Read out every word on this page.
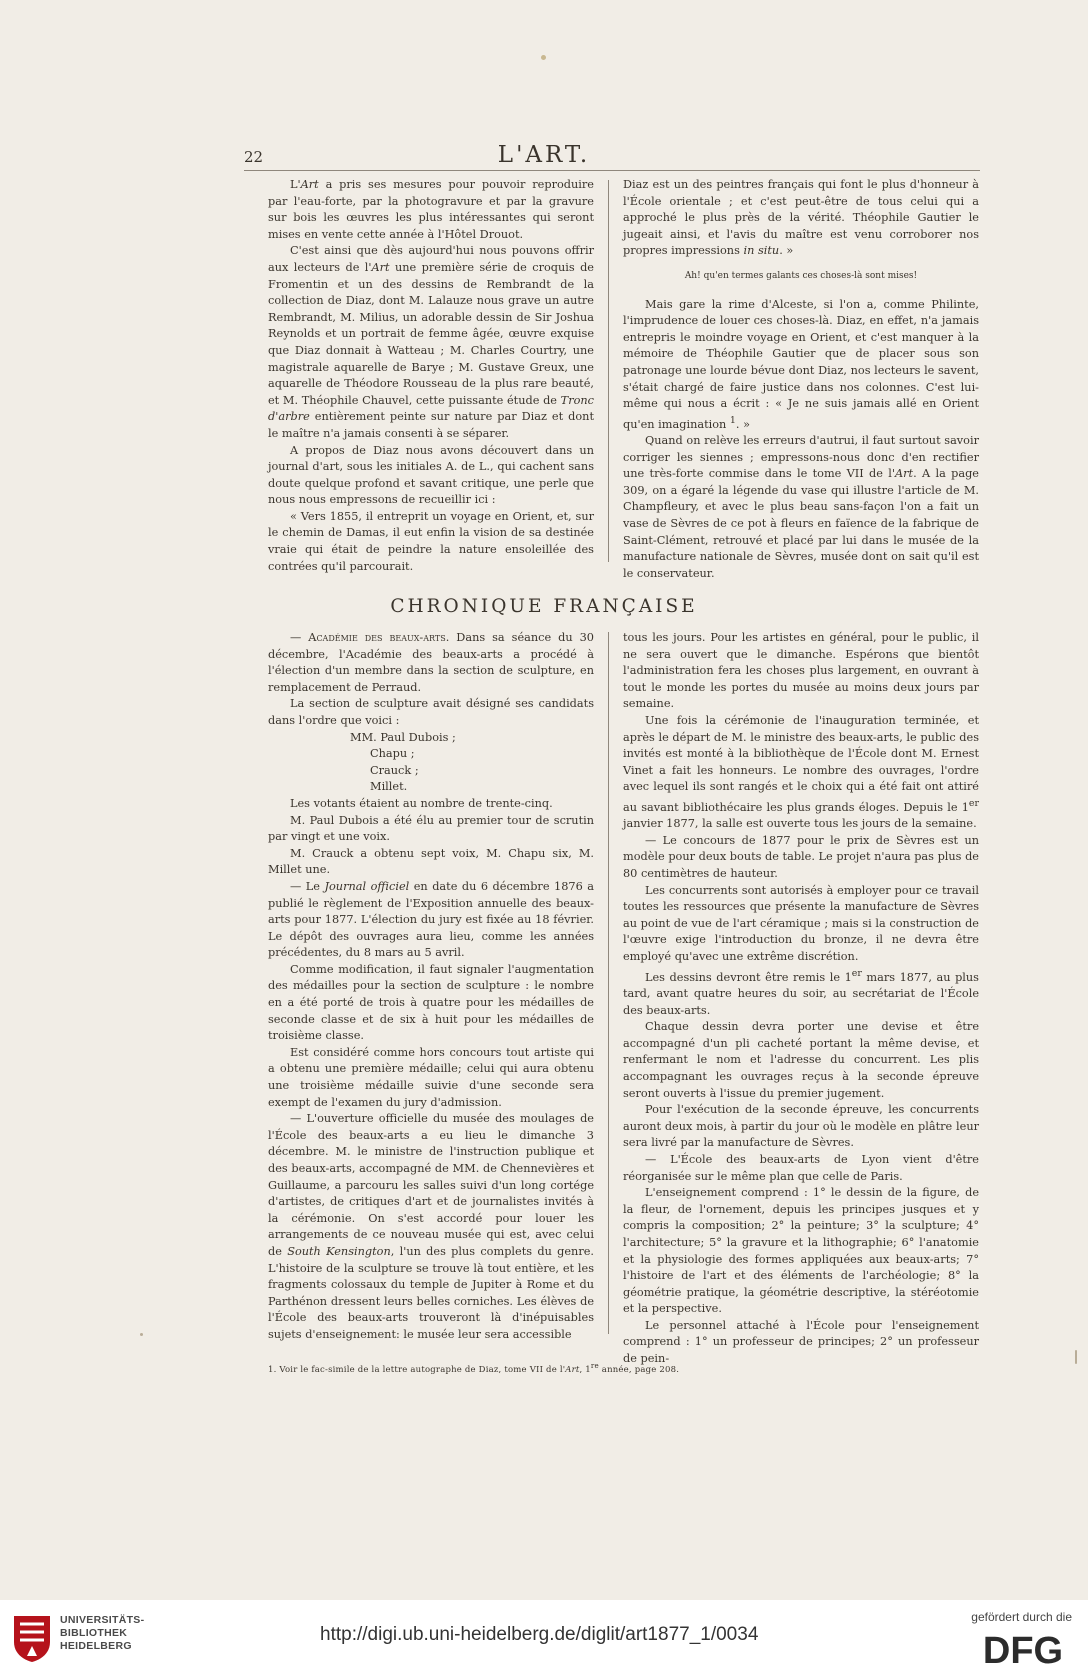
22	L'ART.

L'Art a pris ses mesures pour pouvoir reproduire par l'eau-forte, par la photogravure et par la gravure sur bois les œuvres les plus intéressantes qui seront mises en vente cette année à l'Hôtel Drouot.

C'est ainsi que dès aujourd'hui nous pouvons offrir aux lecteurs de l'Art une première série de croquis de Fromentin et un des dessins de Rembrandt de la collection de Diaz, dont M. Lalauze nous grave un autre Rembrandt, M. Milius, un adorable dessin de Sir Joshua Reynolds et un portrait de femme âgée, œuvre exquise que Diaz donnait à Watteau ; M. Charles Courtry, une magistrale aquarelle de Barye ; M. Gustave Greux, une aquarelle de Théodore Rousseau de la plus rare beauté, et M. Théophile Chauvel, cette puissante étude de Tronc d'arbre entièrement peinte sur nature par Diaz et dont le maître n'a jamais consenti à se séparer.

A propos de Diaz nous avons découvert dans un journal d'art, sous les initiales A. de L., qui cachent sans doute quelque profond et savant critique, une perle que nous nous empressons de recueillir ici :

« Vers 1855, il entreprit un voyage en Orient, et, sur le chemin de Damas, il eut enfin la vision de sa destinée vraie qui était de peindre la nature ensoleillée des contrées qu'il parcourait.

Diaz est un des peintres français qui font le plus d'honneur à l'École orientale ; et c'est peut-être de tous celui qui a approché le plus près de la vérité. Théophile Gautier le jugeait ainsi, et l'avis du maître est venu corroborer nos propres impressions in situ. »

Ah! qu'en termes galants ces choses-là sont mises!

Mais gare la rime d'Alceste, si l'on a, comme Philinte, l'imprudence de louer ces choses-là. Diaz, en effet, n'a jamais entrepris le moindre voyage en Orient, et c'est manquer à la mémoire de Théophile Gautier que de placer sous son patronage une lourde bévue dont Diaz, nos lecteurs le savent, s'était chargé de faire justice dans nos colonnes. C'est lui-même qui nous a écrit : « Je ne suis jamais allé en Orient qu'en imagination $^1$. »

Quand on relève les erreurs d'autrui, il faut surtout savoir corriger les siennes ; empressons-nous donc d'en rectifier une très-forte commise dans le tome VII de l'Art. A la page 309, on a égaré la légende du vase qui illustre l'article de M. Champfleury, et avec le plus beau sans-façon l'on a fait un vase de Sèvres de ce pot à fleurs en faïence de la fabrique de Saint-Clément, retrouvé et placé par lui dans le musée de la manufacture nationale de Sèvres, musée dont on sait qu'il est le conservateur.

CHRONIQUE FRANÇAISE

— Académie des beaux-arts. Dans sa séance du 30 décembre, l'Académie des beaux-arts a procédé à l'élection d'un membre dans la section de sculpture, en remplacement de Perraud.

La section de sculpture avait désigné ses candidats dans l'ordre que voici :

MM. Paul Dubois ;

Chapu ;

Crauck ;

Millet.

Les votants étaient au nombre de trente-cinq.

M. Paul Dubois a été élu au premier tour de scrutin par vingt et une voix.

M. Crauck a obtenu sept voix, M. Chapu six, M. Millet une.

— Le Journal officiel en date du 6 décembre 1876 a publié le règlement de l'Exposition annuelle des beaux-arts pour 1877. L'élection du jury est fixée au 18 février. Le dépôt des ouvrages aura lieu, comme les années précédentes, du 8 mars au 5 avril.

Comme modification, il faut signaler l'augmentation des médailles pour la section de sculpture : le nombre en a été porté de trois à quatre pour les médailles de seconde classe et de six à huit pour les médailles de troisième classe.

Est considéré comme hors concours tout artiste qui a obtenu une première médaille; celui qui aura obtenu une troisième médaille suivie d'une seconde sera exempt de l'examen du jury d'admission.

— L'ouverture officielle du musée des moulages de l'École des beaux-arts a eu lieu le dimanche 3 décembre. M. le ministre de l'instruction publique et des beaux-arts, accompagné de MM. de Chennevières et Guillaume, a parcouru les salles suivi d'un long cortége d'artistes, de critiques d'art et de journalistes invités à la cérémonie. On s'est accordé pour louer les arrangements de ce nouveau musée qui est, avec celui de South Kensington, l'un des plus complets du genre. L'histoire de la sculpture se trouve là tout entière, et les fragments colossaux du temple de Jupiter à Rome et du Parthénon dressent leurs belles corniches. Les élèves de l'École des beaux-arts trouveront là d'inépuisables sujets d'enseignement: le musée leur sera accessible

tous les jours. Pour les artistes en général, pour le public, il ne sera ouvert que le dimanche. Espérons que bientôt l'administration fera les choses plus largement, en ouvrant à tout le monde les portes du musée au moins deux jours par semaine.

Une fois la cérémonie de l'inauguration terminée, et après le départ de M. le ministre des beaux-arts, le public des invités est monté à la bibliothèque de l'École dont M. Ernest Vinet a fait les honneurs. Le nombre des ouvrages, l'ordre avec lequel ils sont rangés et le choix qui a été fait ont attiré au savant bibliothécaire les plus grands éloges. Depuis le 1er janvier 1877, la salle est ouverte tous les jours de la semaine.

— Le concours de 1877 pour le prix de Sèvres est un modèle pour deux bouts de table. Le projet n'aura pas plus de 80 centimètres de hauteur.

Les concurrents sont autorisés à employer pour ce travail toutes les ressources que présente la manufacture de Sèvres au point de vue de l'art céramique ; mais si la construction de l'œuvre exige l'introduction du bronze, il ne devra être employé qu'avec une extrême discrétion.

Les dessins devront être remis le 1er mars 1877, au plus tard, avant quatre heures du soir, au secrétariat de l'École des beaux-arts.

Chaque dessin devra porter une devise et être accompagné d'un pli cacheté portant la même devise, et renfermant le nom et l'adresse du concurrent. Les plis accompagnant les ouvrages reçus à la seconde épreuve seront ouverts à l'issue du premier jugement.

Pour l'exécution de la seconde épreuve, les concurrents auront deux mois, à partir du jour où le modèle en plâtre leur sera livré par la manufacture de Sèvres.

— L'École des beaux-arts de Lyon vient d'être réorganisée sur le même plan que celle de Paris.

L'enseignement comprend : 1° le dessin de la figure, de la fleur, de l'ornement, depuis les principes jusques et y compris la composition; 2° la peinture; 3° la sculpture; 4° l'architecture; 5° la gravure et la lithographie; 6° l'anatomie et la physiologie des formes appliquées aux beaux-arts; 7° l'histoire de l'art et des éléments de l'archéologie; 8° la géométrie pratique, la géométrie descriptive, la stéréotomie et la perspective.

Le personnel attaché à l'École pour l'enseignement comprend : 1° un professeur de principes; 2° un professeur de pein-

1. Voir le fac-simile de la lettre autographe de Diaz, tome VII de l'Art, 1re année, page 208.
UNIVERSITÄTS-
BIBLIOTHEK
HEIDELBERG
http://digi.ub.uni-heidelberg.de/diglit/art1877_1/0034
gefördert durch die
DFG
